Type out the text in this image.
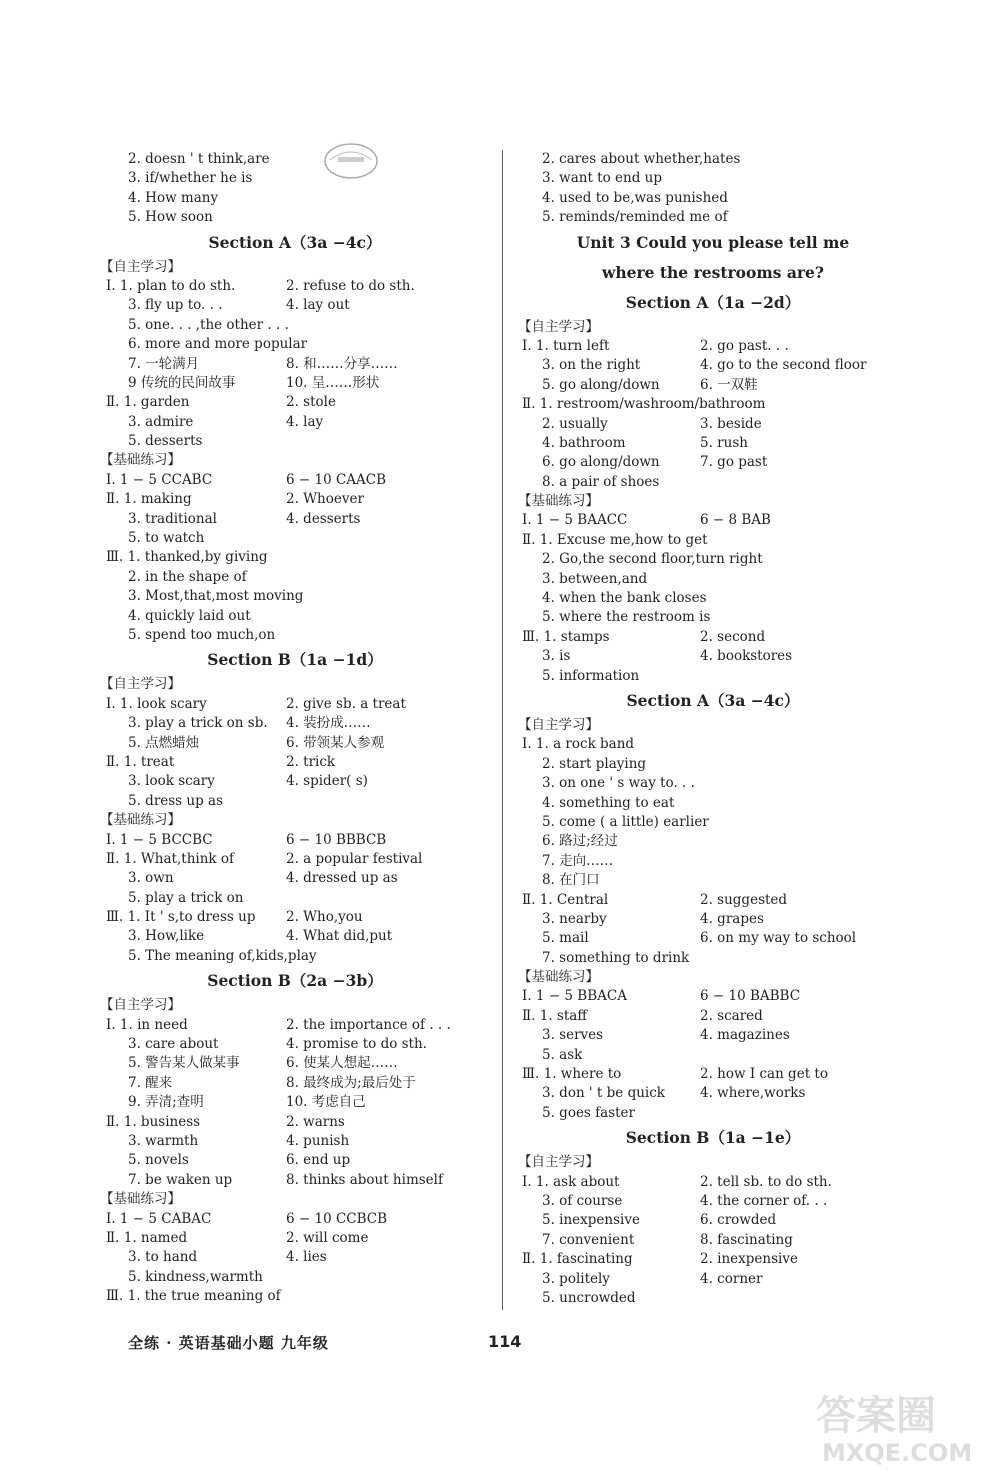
2. doesn ' t think,are
3. if/whether he is
4. How many
5. How soon
Section A（3a −4c）
【自主学习】
Ⅰ. 1. plan to do sth.	2. refuse to do sth.
3. fly up to. . .	4. lay out
5. one. . . ,the other . . .
6. more and more popular
7. 一轮满月	8. 和……分享……
9 传统的民间故事	10. 呈……形状
Ⅱ. 1. garden	2. stole
3. admire	4. lay
5. desserts
【基础练习】
Ⅰ. 1 − 5 CCABC	6 − 10 CAACB
Ⅱ. 1. making	2. Whoever
3. traditional	4. desserts
5. to watch
Ⅲ. 1. thanked,by giving
2. in the shape of
3. Most,that,most moving
4. quickly laid out
5. spend too much,on
Section B（1a −1d）
【自主学习】
Ⅰ. 1. look scary	2. give sb. a treat
3. play a trick on sb. 4. 装扮成……
5. 点燃蜡烛	6. 带领某人参观
Ⅱ. 1. treat	2. trick
3. look scary	4. spider( s)
5. dress up as
【基础练习】
Ⅰ. 1 − 5 BCCBC	6 − 10 BBBCB
Ⅱ. 1. What,think of	2. a popular festival
3. own	4. dressed up as
5. play a trick on
Ⅲ. 1. It ' s,to dress up 2. Who,you
3. How,like	4. What did,put
5. The meaning of,kids,play
Section B（2a −3b）
【自主学习】
Ⅰ. 1. in need	2. the importance of . . .
3. care about	4. promise to do sth.
5. 警告某人做某事	6. 使某人想起……
7. 醒来	8. 最终成为;最后处于
9. 弄清;查明	10. 考虑自己
Ⅱ. 1. business	2. warns
3. warmth	4. punish
5. novels	6. end up
7. be waken up	8. thinks about himself
【基础练习】
Ⅰ. 1 − 5 CABAC	6 − 10 CCBCB
Ⅱ. 1. named	2. will come
3. to hand	4. lies
5. kindness,warmth
Ⅲ. 1. the true meaning of
2. cares about whether,hates
3. want to end up
4. used to be,was punished
5. reminds/reminded me of
Unit 3 Could you please tell me
where the restrooms are?
Section A（1a −2d）
【自主学习】
Ⅰ. 1. turn left	2. go past. . .
3. on the right	4. go to the second floor
5. go along/down	6. 一双鞋
Ⅱ. 1. restroom/washroom/bathroom
2. usually	3. beside
4. bathroom	5. rush
6. go along/down	7. go past
8. a pair of shoes
【基础练习】
Ⅰ. 1 − 5 BAACC	6 − 8 BAB
Ⅱ. 1. Excuse me,how to get
2. Go,the second floor,turn right
3. between,and
4. when the bank closes
5. where the restroom is
Ⅲ. 1. stamps	2. second
3. is	4. bookstores
5. information
Section A（3a −4c）
【自主学习】
Ⅰ. 1. a rock band
2. start playing
3. on one ' s way to. . .
4. something to eat
5. come ( a little) earlier
6. 路过;经过
7. 走向……
8. 在门口
Ⅱ. 1. Central	2. suggested
3. nearby	4. grapes
5. mail	6. on my way to school
7. something to drink
【基础练习】
Ⅰ. 1 − 5 BBACA	6 − 10 BABBC
Ⅱ. 1. staff	2. scared
3. serves	4. magazines
5. ask
Ⅲ. 1. where to	2. how I can get to
3. don ' t be quick	4. where,works
5. goes faster
Section B（1a −1e）
【自主学习】
Ⅰ. 1. ask about	2. tell sb. to do sth.
3. of course	4. the corner of. . .
5. inexpensive	6. crowded
7. convenient	8. fascinating
Ⅱ. 1. fascinating	2. inexpensive
3. politely	4. corner
5. uncrowded
全练 · 英语基础小题 九年级	114
答案圈
MXQE.COM
